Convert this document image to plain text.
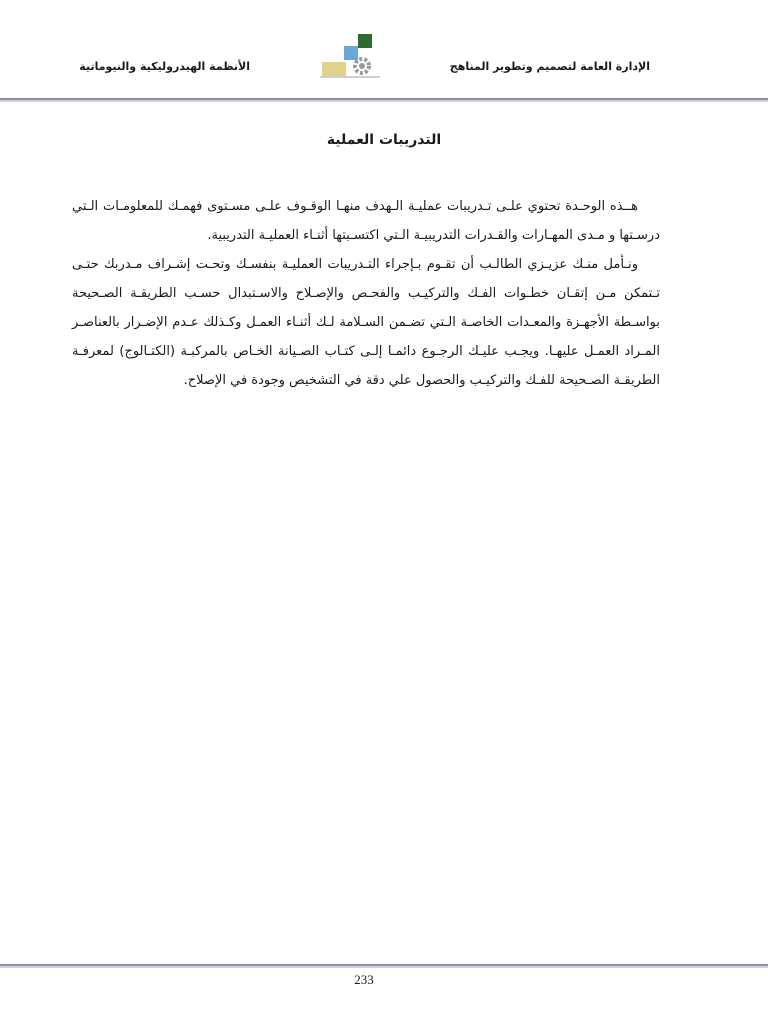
الأنظمة الهيدروليكية والنيوماتية	الإدارة العامة لتصميم وتطوير المناهج
التدريبات العملية

هــذه الوحـدة تحتوي علـى تـدريبات عمليـة الـهدف منهـا الوقـوف علـى مسـتوى فهمـك للمعلومـات الـتي درسـتها و مـدى المهـارات والقـدرات التدريبيـة الـتي اكتسـبتها أثنـاء العمليـة التدريبية.

ونـأمل منـك عزيـزي الطالـب أن تقـوم بـإجراء التـدريبات العمليـة بنفسـك وتحـت إشـراف مـدربك حتـى تـتمكن مـن إتقـان خطـوات الفـك والتركيـب والفحـص والإصـلاح والاسـتبدال حسـب الطريقـة الصـحيحة بواسـطة الأجهـزة والمعـدات الخاصـة الـتي تضـمن السـلامة لـك أثنـاء العمـل وكـذلك عـدم الإضـرار بالعناصـر المـراد العمـل عليهـا. ويجـب عليـك الرجـوع دائمـا إلـى كتـاب الصـيانة الخـاص بالمركبـة (الكتـالوج) لمعرفـة الطريقـة الصـحيحة للفـك والتركيـب والحصول علي دقة في التشخيص وجودة في الإصلاح.

233
